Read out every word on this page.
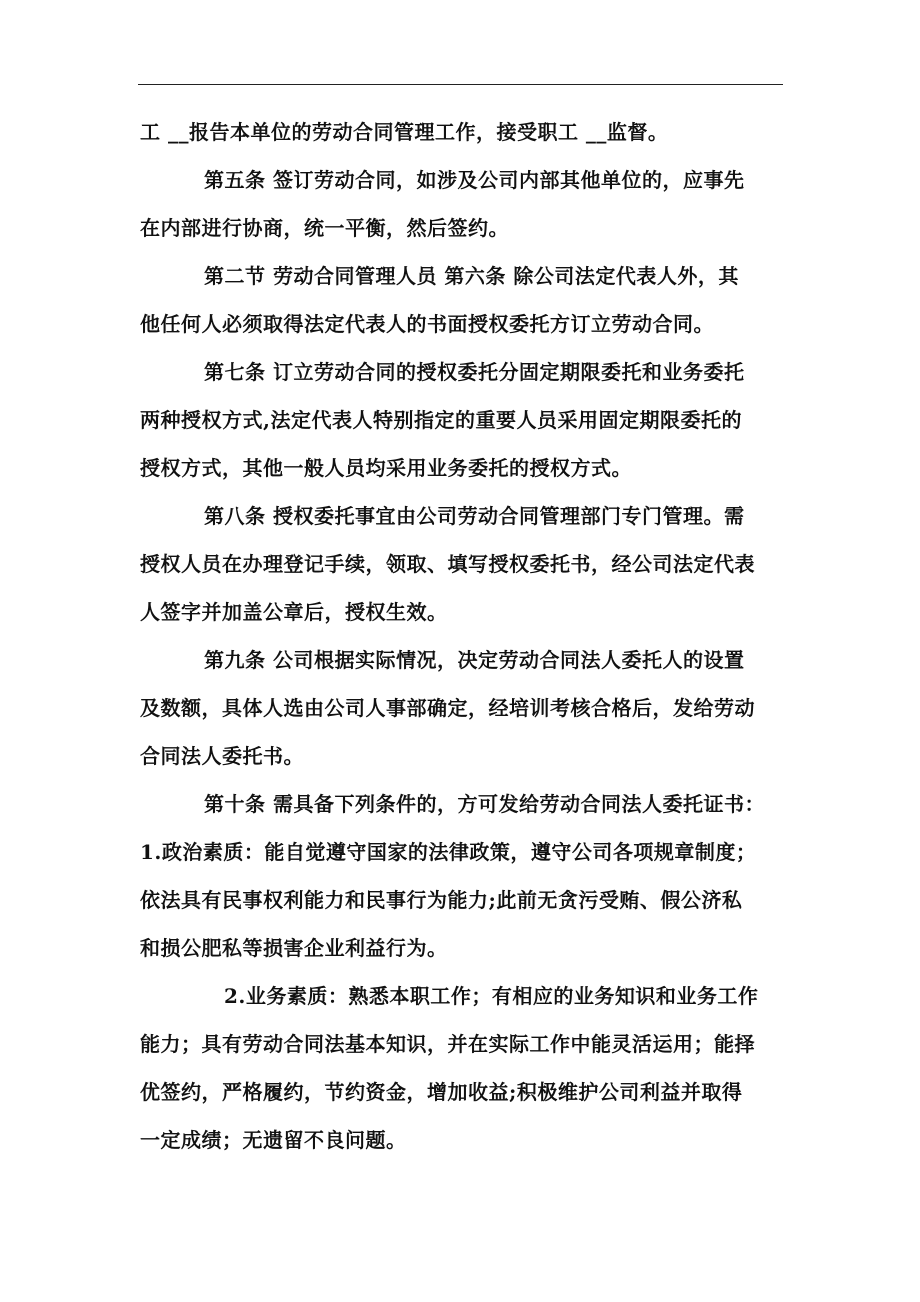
工 __报告本单位的劳动合同管理工作，接受职工 __监督。

第五条 签订劳动合同，如涉及公司内部其他单位的，应事先

在内部进行协商，统一平衡，然后签约。

第二节 劳动合同管理人员 第六条 除公司法定代表人外，其

他任何人必须取得法定代表人的书面授权委托方订立劳动合同。

第七条 订立劳动合同的授权委托分固定期限委托和业务委托

两种授权方式,法定代表人特别指定的重要人员采用固定期限委托的

授权方式，其他一般人员均采用业务委托的授权方式。

第八条 授权委托事宜由公司劳动合同管理部门专门管理。需

授权人员在办理登记手续，领取、填写授权委托书，经公司法定代表

人签字并加盖公章后，授权生效。

第九条 公司根据实际情况，决定劳动合同法人委托人的设置

及数额，具体人选由公司人事部确定，经培训考核合格后，发给劳动

合同法人委托书。

第十条 需具备下列条件的，方可发给劳动合同法人委托证书：

1.政治素质：能自觉遵守国家的法律政策，遵守公司各项规章制度；

依法具有民事权利能力和民事行为能力;此前无贪污受贿、假公济私

和损公肥私等损害企业利益行为。

2.业务素质：熟悉本职工作；有相应的业务知识和业务工作

能力；具有劳动合同法基本知识，并在实际工作中能灵活运用；能择

优签约，严格履约，节约资金，增加收益;积极维护公司利益并取得

一定成绩；无遗留不良问题。
